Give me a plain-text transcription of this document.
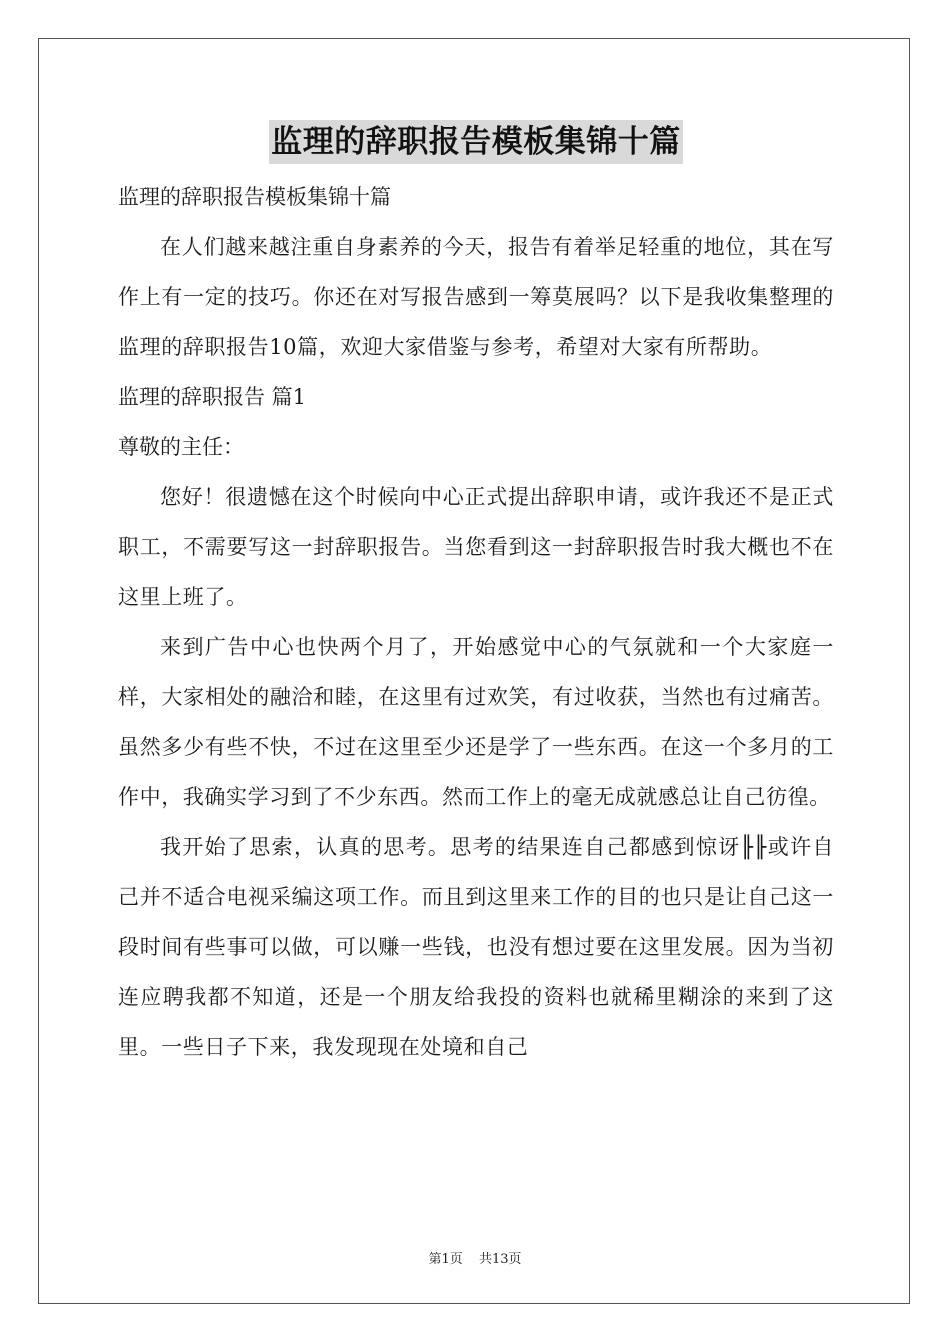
监理的辞职报告模板集锦十篇

监理的辞职报告模板集锦十篇

在人们越来越注重自身素养的今天，报告有着举足轻重的地位，其在写作上有一定的技巧。你还在对写报告感到一筹莫展吗？以下是我收集整理的监理的辞职报告10篇，欢迎大家借鉴与参考，希望对大家有所帮助。

监理的辞职报告 篇1

尊敬的主任：

您好！很遗憾在这个时候向中心正式提出辞职申请，或许我还不是正式职工，不需要写这一封辞职报告。当您看到这一封辞职报告时我大概也不在这里上班了。

来到广告中心也快两个月了，开始感觉中心的气氛就和一个大家庭一样，大家相处的融洽和睦，在这里有过欢笑，有过收获，当然也有过痛苦。虽然多少有些不快，不过在这里至少还是学了一些东西。在这一个多月的工作中，我确实学习到了不少东西。然而工作上的毫无成就感总让自己彷徨。

我开始了思索，认真的思考。思考的结果连自己都感到惊讶╟╟或许自己并不适合电视采编这项工作。而且到这里来工作的目的也只是让自己这一段时间有些事可以做，可以赚一些钱，也没有想过要在这里发展。因为当初连应聘我都不知道，还是一个朋友给我投的资料也就稀里糊涂的来到了这里。一些日子下来，我发现现在处境和自己

第1页 共13页
